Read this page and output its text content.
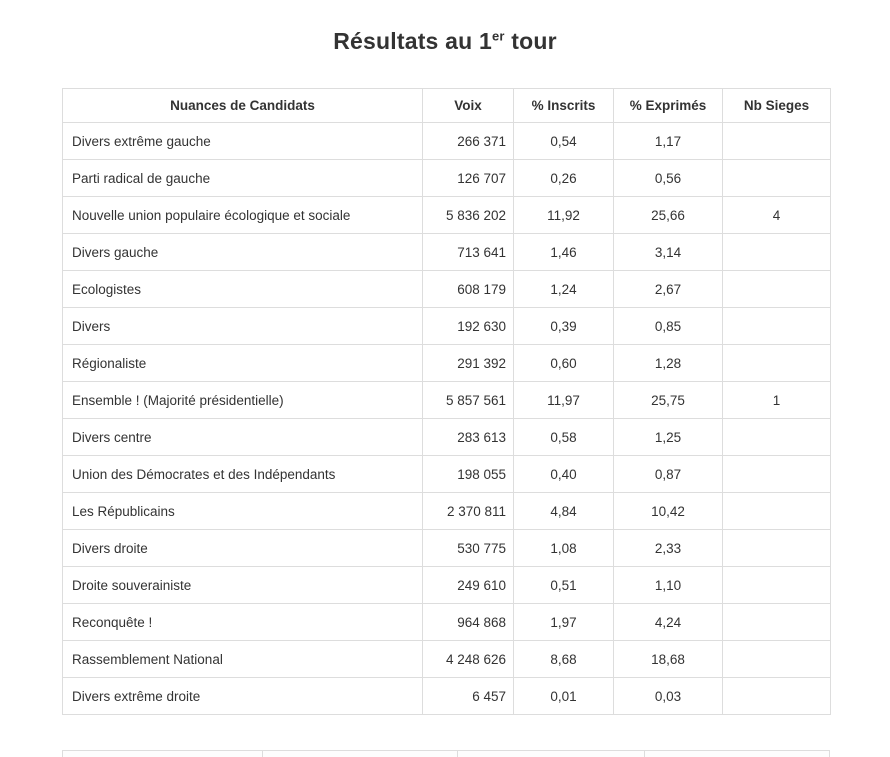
Résultats au 1er tour
Nuances de Candidats	Voix	% Inscrits	% Exprimés	Nb Sieges
Divers extrême gauche	266 371	0,54	1,17	
Parti radical de gauche	126 707	0,26	0,56	
Nouvelle union populaire écologique et sociale	5 836 202	11,92	25,66	4
Divers gauche	713 641	1,46	3,14	
Ecologistes	608 179	1,24	2,67	
Divers	192 630	0,39	0,85	
Régionaliste	291 392	0,60	1,28	
Ensemble ! (Majorité présidentielle)	5 857 561	11,97	25,75	1
Divers centre	283 613	0,58	1,25	
Union des Démocrates et des Indépendants	198 055	0,40	0,87	
Les Républicains	2 370 811	4,84	10,42	
Divers droite	530 775	1,08	2,33	
Droite souverainiste	249 610	0,51	1,10	
Reconquête !	964 868	1,97	4,24	
Rassemblement National	4 248 626	8,68	18,68	
Divers extrême droite	6 457	0,01	0,03	
